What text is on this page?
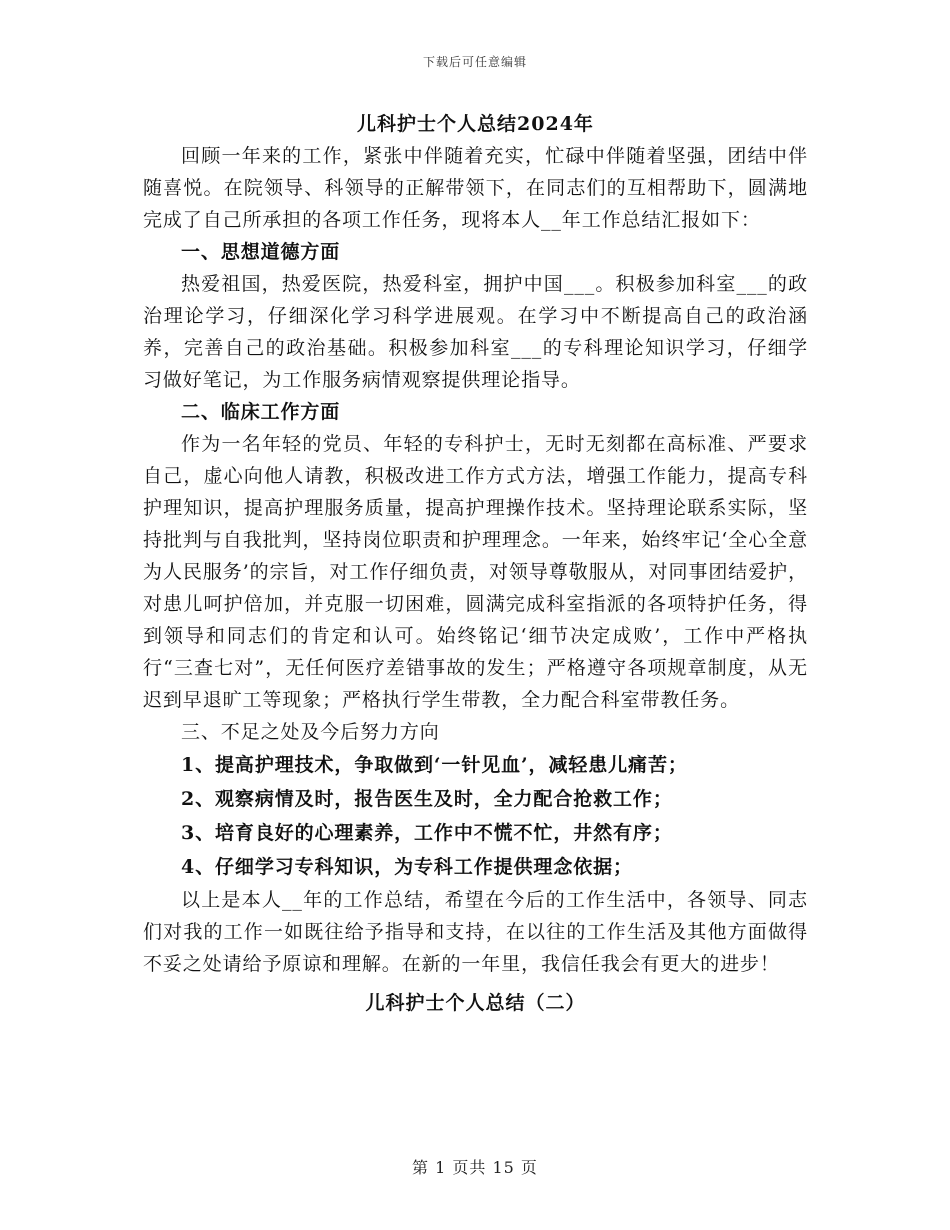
下载后可任意编辑

儿科护士个人总结2024年

回顾一年来的工作，紧张中伴随着充实，忙碌中伴随着坚强，团结中伴随喜悦。在院领导、科领导的正解带领下，在同志们的互相帮助下，圆满地完成了自己所承担的各项工作任务，现将本人__年工作总结汇报如下：

一、思想道德方面

热爱祖国，热爱医院，热爱科室，拥护中国___。积极参加科室___的政治理论学习，仔细深化学习科学进展观。在学习中不断提高自己的政治涵养，完善自己的政治基础。积极参加科室___的专科理论知识学习，仔细学习做好笔记，为工作服务病情观察提供理论指导。

二、临床工作方面

作为一名年轻的党员、年轻的专科护士，无时无刻都在高标准、严要求自己，虚心向他人请教，积极改进工作方式方法，增强工作能力，提高专科护理知识，提高护理服务质量，提高护理操作技术。坚持理论联系实际，坚持批判与自我批判，坚持岗位职责和护理理念。一年来，始终牢记‘全心全意为人民服务’的宗旨，对工作仔细负责，对领导尊敬服从，对同事团结爱护，对患儿呵护倍加，并克服一切困难，圆满完成科室指派的各项特护任务，得到领导和同志们的肯定和认可。始终铭记‘细节决定成败’，工作中严格执行“三查七对”，无任何医疗差错事故的发生；严格遵守各项规章制度，从无迟到早退旷工等现象；严格执行学生带教，全力配合科室带教任务。

三、不足之处及今后努力方向

1、提高护理技术，争取做到‘一针见血’，减轻患儿痛苦；

2、观察病情及时，报告医生及时，全力配合抢救工作；

3、培育良好的心理素养，工作中不慌不忙，井然有序；

4、仔细学习专科知识，为专科工作提供理念依据；

以上是本人__年的工作总结，希望在今后的工作生活中，各领导、同志们对我的工作一如既往给予指导和支持，在以往的工作生活及其他方面做得不妥之处请给予原谅和理解。在新的一年里，我信任我会有更大的进步！

儿科护士个人总结（二）

第 1 页共 15 页
